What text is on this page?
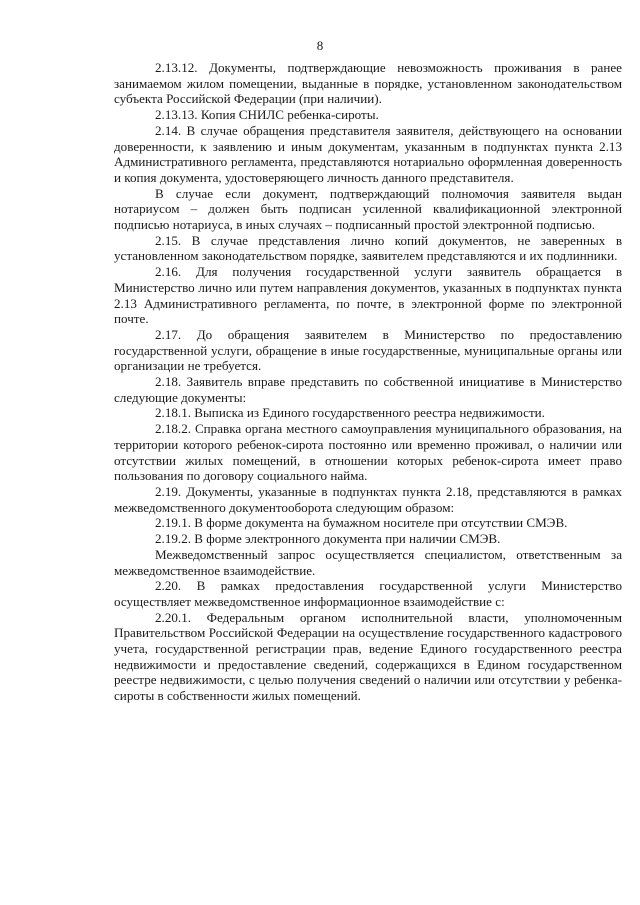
8

2.13.12. Документы, подтверждающие невозможность проживания в ранее занимаемом жилом помещении, выданные в порядке, установленном законодательством субъекта Российской Федерации (при наличии).

2.13.13. Копия СНИЛС ребенка-сироты.

2.14. В случае обращения представителя заявителя, действующего на основании доверенности, к заявлению и иным документам, указанным в подпунктах пункта 2.13 Административного регламента, представляются нотариально оформленная доверенность и копия документа, удостоверяющего личность данного представителя.

В случае если документ, подтверждающий полномочия заявителя выдан нотариусом – должен быть подписан усиленной квалификационной электронной подписью нотариуса, в иных случаях – подписанный простой электронной подписью.

2.15. В случае представления лично копий документов, не заверенных в установленном законодательством порядке, заявителем представляются и их подлинники.

2.16. Для получения государственной услуги заявитель обращается в Министерство лично или путем направления документов, указанных в подпунктах пункта 2.13 Административного регламента, по почте, в электронной форме по электронной почте.

2.17. До обращения заявителем в Министерство по предоставлению государственной услуги, обращение в иные государственные, муниципальные органы или организации не требуется.

2.18. Заявитель вправе представить по собственной инициативе в Министерство следующие документы:

2.18.1. Выписка из Единого государственного реестра недвижимости.

2.18.2. Справка органа местного самоуправления муниципального образования, на территории которого ребенок-сирота постоянно или временно проживал, о наличии или отсутствии жилых помещений, в отношении которых ребенок-сирота имеет право пользования по договору социального найма.

2.19. Документы, указанные в подпунктах пункта 2.18, представляются в рамках межведомственного документооборота следующим образом:

2.19.1. В форме документа на бумажном носителе при отсутствии СМЭВ.

2.19.2. В форме электронного документа при наличии СМЭВ.

Межведомственный запрос осуществляется специалистом, ответственным за межведомственное взаимодействие.

2.20. В рамках предоставления государственной услуги Министерство осуществляет межведомственное информационное взаимодействие с:

2.20.1. Федеральным органом исполнительной власти, уполномоченным Правительством Российской Федерации на осуществление государственного кадастрового учета, государственной регистрации прав, ведение Единого государственного реестра недвижимости и предоставление сведений, содержащихся в Едином государственном реестре недвижимости, с целью получения сведений о наличии или отсутствии у ребенка-сироты в собственности жилых помещений.
